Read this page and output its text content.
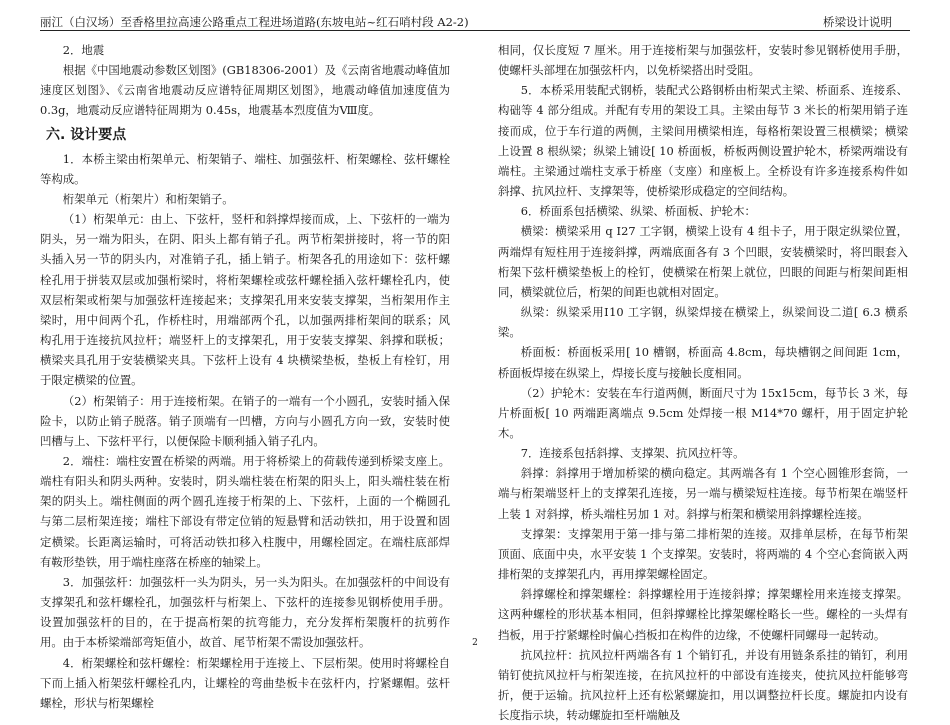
丽江（白汉场）至香格里拉高速公路重点工程进场道路(东坡电站~红石哨村段 A2-2)	桥梁设计说明

2．地震

根据《中国地震动参数区划图》(GB18306-2001）及《云南省地震动峰值加速度区划图》、《云南省地震动反应谱特征周期区划图》，地震动峰值加速度值为 0.3g，地震动反应谱特征周期为 0.45s，地震基本烈度值为Ⅷ度。

六. 设计要点

1．本桥主梁由桁架单元、桁架销子、端柱、加强弦杆、桁架螺栓、弦杆螺栓等构成。

桁架单元（桁架片）和桁架销子。

（1）桁架单元：由上、下弦杆，竖杆和斜撑焊接而成，上、下弦杆的一端为阴头，另一端为阳头，在阴、阳头上都有销子孔。两节桁架拼接时，将一节的阳头插入另一节的阴头内，对准销子孔，插上销子。桁架各孔的用途如下：弦杆螺栓孔用于拼装双层或加强桁梁时，将桁架螺栓或弦杆螺栓插入弦杆螺栓孔内，使双层桁架或桁架与加强弦杆连接起来；支撑架孔用来安装支撑架，当桁架用作主梁时，用中间两个孔，作桥柱时，用端部两个孔，以加强两排桁架间的联系；风构孔用于连接抗风拉杆；端竖杆上的支撑架孔，用于安装支撑架、斜撑和联板；横梁夹具孔用于安装横梁夹具。下弦杆上设有 4 块横梁垫板，垫板上有栓钉，用于限定横梁的位置。

（2）桁架销子：用于连接桁架。在销子的一端有一个小圆孔，安装时插入保险卡，以防止销子脱落。销子顶端有一凹槽，方向与小圆孔方向一致，安装时使凹槽与上、下弦杆平行，以便保险卡顺利插入销子孔内。

2．端柱：端柱安置在桥梁的两端。用于将桥梁上的荷载传递到桥梁支座上。端柱有阳头和阴头两种。安装时，阴头端柱装在桁架的阳头上，阳头端柱装在桁架的阴头上。端柱侧面的两个圆孔连接于桁架的上、下弦杆，上面的一个椭圆孔与第二层桁架连接；端柱下部设有带定位销的短悬臂和活动铁扣，用于设置和固定横梁。长距离运输时，可将活动铁扣移入柱腹中，用螺栓固定。在端柱底部焊有鞍形垫铁，用于端柱座落在桥座的轴梁上。

3．加强弦杆：加强弦杆一头为阴头，另一头为阳头。在加强弦杆的中间设有支撑架孔和弦杆螺栓孔，加强弦杆与桁架上、下弦杆的连接参见钢桥使用手册。设置加强弦杆的目的，在于提高桁架的抗弯能力，充分发挥桁架腹杆的抗剪作用。由于本桥梁端部弯矩值小，故首、尾节桁架不需设加强弦杆。

4．桁架螺栓和弦杆螺栓：桁架螺栓用于连接上、下层桁架。使用时将螺栓自下而上插入桁架弦杆螺栓孔内，让螺栓的弯曲垫板卡在弦杆内，拧紧螺帽。弦杆螺栓，形状与桁架螺栓

相同，仅长度短 7 厘米。用于连接桁架与加强弦杆，安装时参见钢桥使用手册，使螺杆头部埋在加强弦杆内，以免桥梁搭出时受阻。

5．本桥采用装配式钢桥，装配式公路钢桥由桁架式主梁、桥面系、连接系、构础等 4 部分组成。并配有专用的架设工具。主梁由每节 3 米长的桁架用销子连接而成，位于车行道的两侧，主梁间用横梁相连，每格桁架设置三根横梁；横梁上设置 8 根纵梁；纵梁上铺设[ 10 桥面板，桥板两侧设置护轮木，桥梁两端设有端柱。主梁通过端柱支承于桥座（支座）和座板上。全桥设有许多连接系构件如斜撑、抗风拉杆、支撑架等，使桥梁形成稳定的空间结构。

6．桥面系包括横梁、纵梁、桥面板、护轮木：

横梁：横梁采用 q Ⅰ27 工字钢，横梁上设有 4 组卡子，用于限定纵梁位置，两端焊有短柱用于连接斜撑，两端底面各有 3 个凹眼，安装横梁时，将凹眼套入桁架下弦杆横梁垫板上的栓钉，使横梁在桁架上就位，凹眼的间距与桁架间距相同，横梁就位后，桁架的间距也就相对固定。

纵梁：纵梁采用Ⅰ10 工字钢，纵梁焊接在横梁上，纵梁间设二道[ 6.3 横系梁。

桥面板：桥面板采用[ 10 槽钢，桥面高 4.8cm，每块槽钢之间间距 1cm，桥面板焊接在纵梁上，焊接长度与接触长度相同。

（2）护轮木：安装在车行道两侧，断面尺寸为 15x15cm，每节长 3 米，每片桥面板[ 10 两端距离端点 9.5cm 处焊接一根 M14*70 螺杆，用于固定护轮木。

7．连接系包括斜撑、支撑架、抗风拉杆等。

斜撑：斜撑用于增加桥梁的横向稳定。其两端各有 1 个空心圆锥形套筒，一端与桁架端竖杆上的支撑架孔连接，另一端与横梁短柱连接。每节桁架在端竖杆上装 1 对斜撑，桥头端柱另加 1 对。斜撑与桁架和横梁用斜撑螺栓连接。

支撑架：支撑架用于第一排与第二排桁架的连接。双排单层桥，在每节桁架顶面、底面中央，水平安装 1 个支撑架。安装时，将两端的 4 个空心套筒嵌入两排桁架的支撑架孔内，再用撑架螺栓固定。

斜撑螺栓和撑架螺栓：斜撑螺栓用于连接斜撑；撑架螺栓用来连接支撑架。这两种螺栓的形状基本相同，但斜撑螺栓比撑架螺栓略长一些。螺栓的一头焊有挡板，用于拧紧螺栓时偏心挡板扣在构件的边缘，不使螺杆同螺母一起转动。

抗风拉杆：抗风拉杆两端各有 1 个销钉孔，并设有用链条系挂的销钉，利用销钉使抗风拉杆与桁架连接，在抗风拉杆的中部设有连接夹，使抗风拉杆能够弯折，便于运输。抗风拉杆上还有松紧螺旋扣，用以调整拉杆长度。螺旋扣内设有长度指示块，转动螺旋扣至杆端触及

2
